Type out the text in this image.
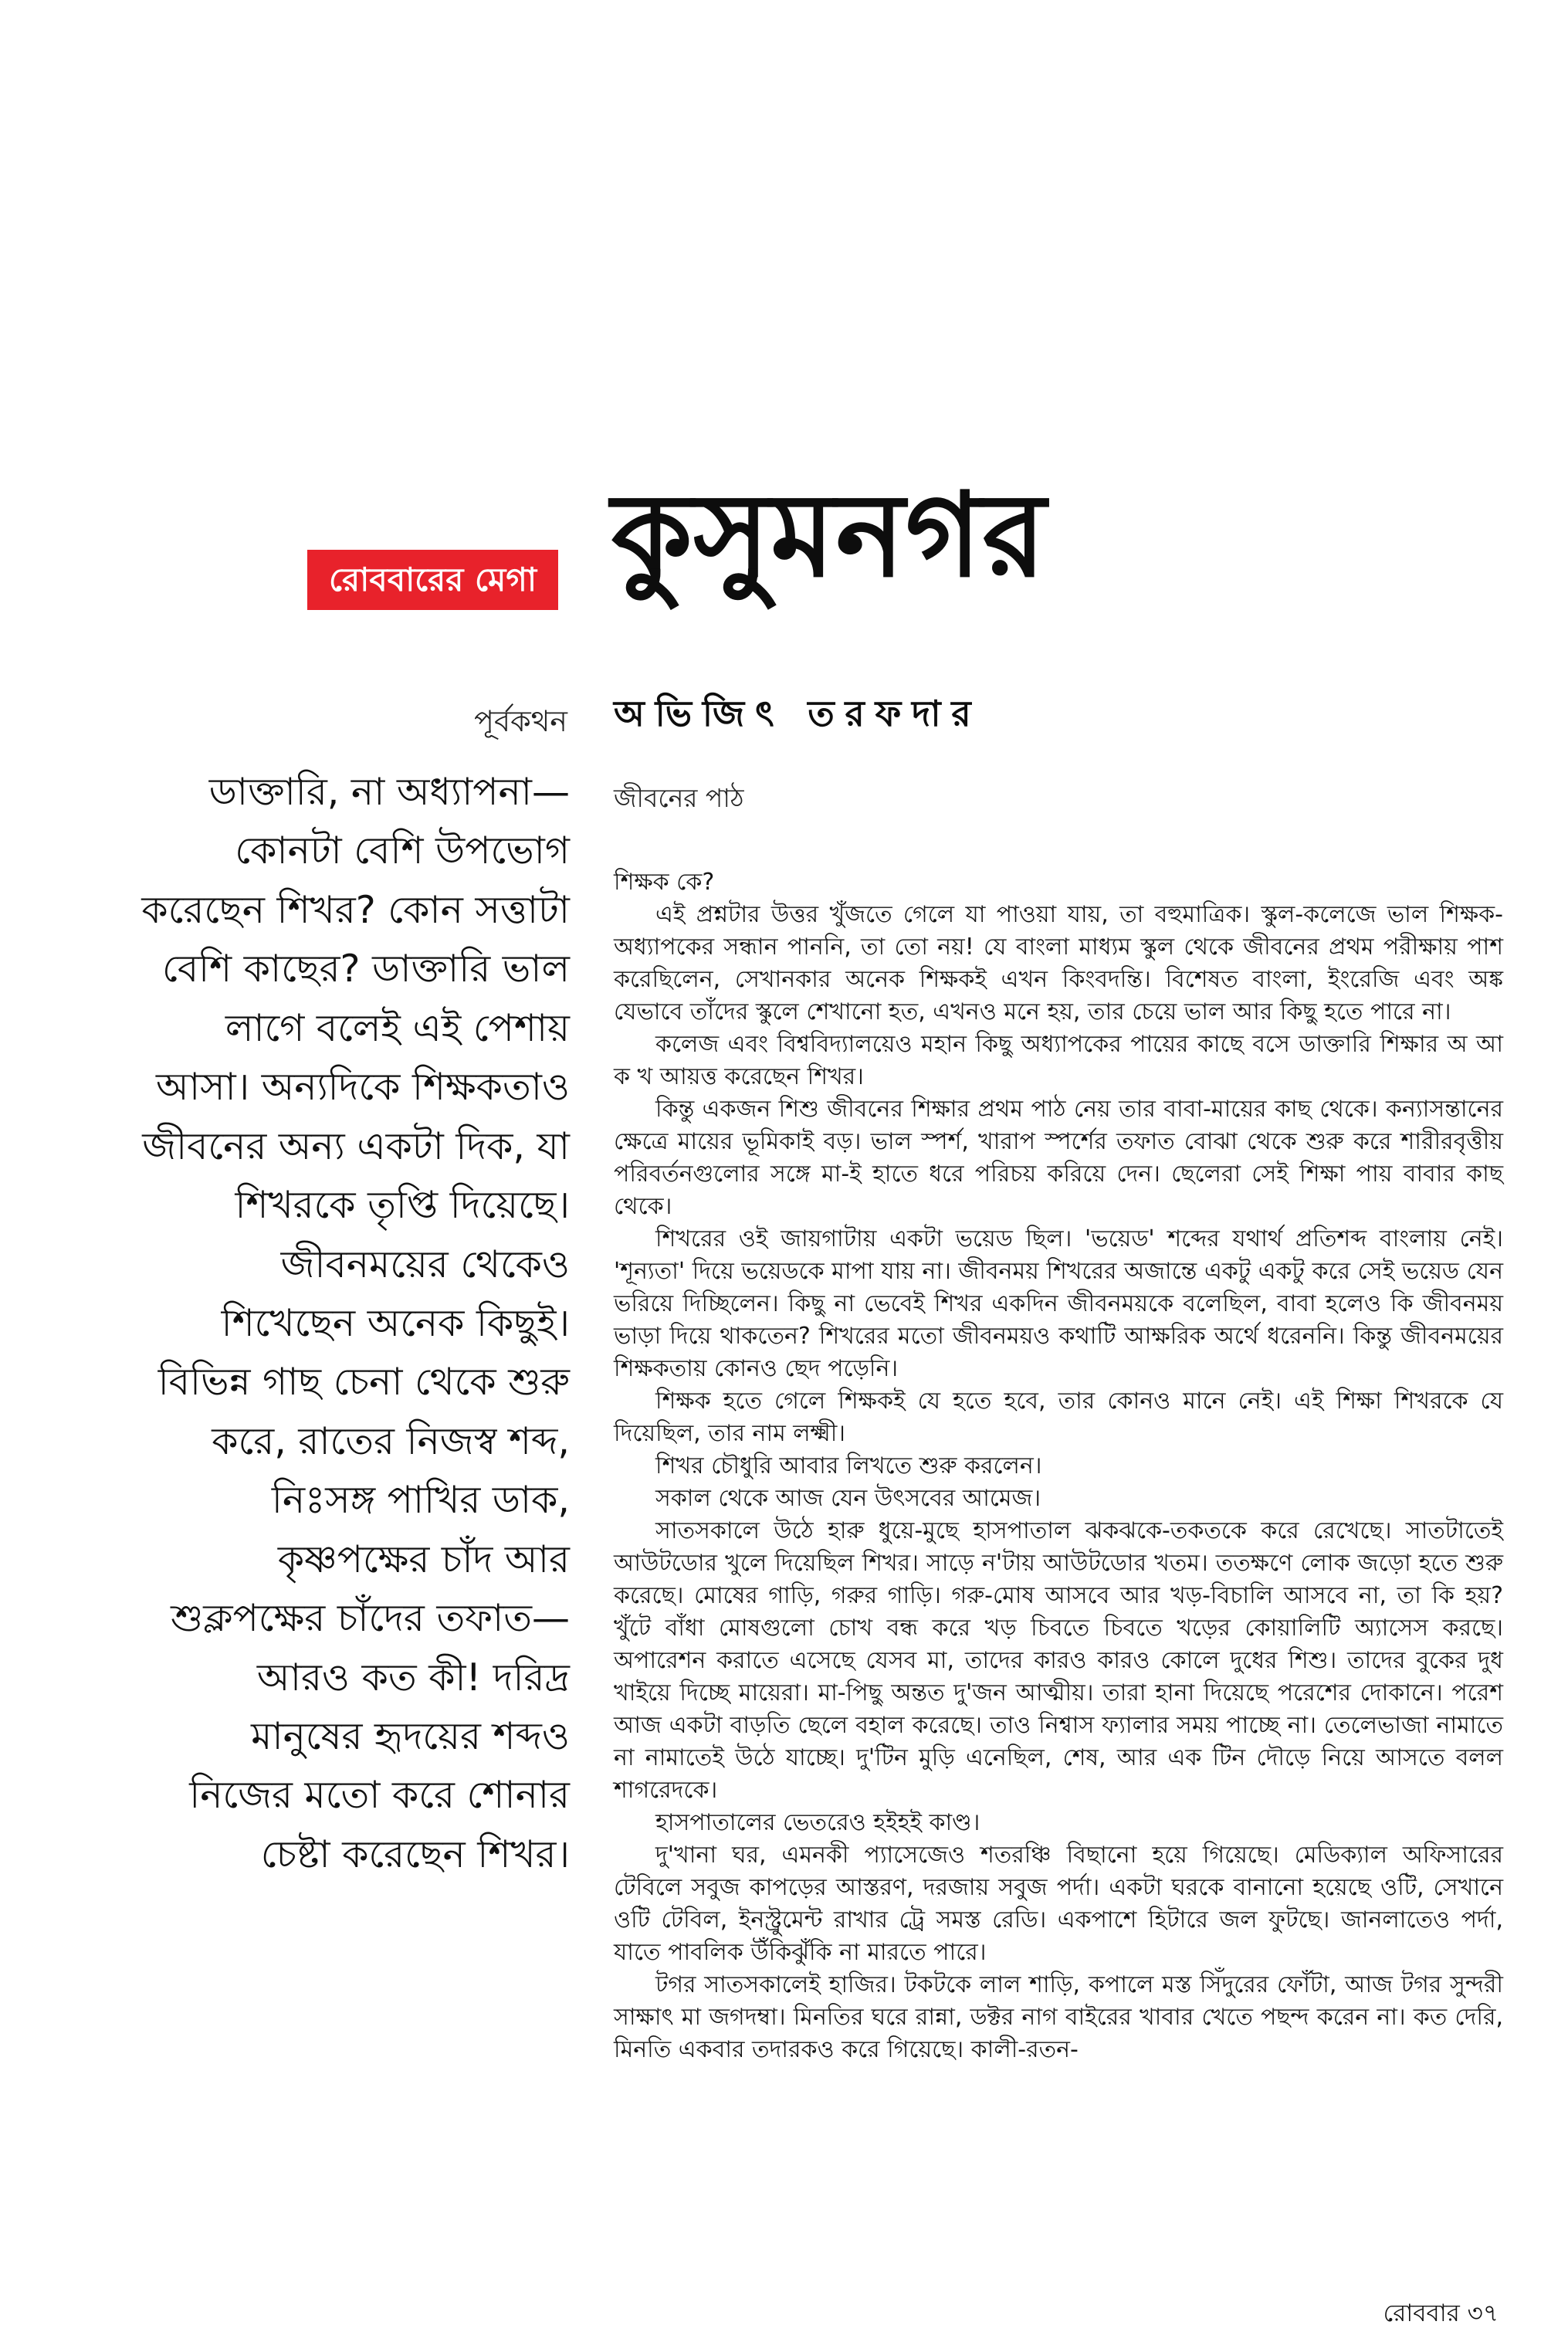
রোববারের মেগা কুসুমনগর
পূর্বকথন অভিজিৎ তরফদার
জীবনের পাঠ
ডাক্তারি, না অধ্যাপনা— কোনটা বেশি উপভোগ করেছেন শিখর? কোন সত্তাটা বেশি কাছের? ডাক্তারি ভাল লাগে বলেই এই পেশায় আসা। অন্যদিকে শিক্ষকতাও জীবনের অন্য একটা দিক, যা শিখরকে তৃপ্তি দিয়েছে। জীবনময়ের থেকেও শিখেছেন অনেক কিছুই। বিভিন্ন গাছ চেনা থেকে শুরু করে, রাতের নিজস্ব শব্দ, নিঃসঙ্গ পাখির ডাক, কৃষ্ণপক্ষের চাঁদ আর শুক্লপক্ষের চাঁদের তফাত— আরও কত কী! দরিদ্র মানুষের হৃদয়ের শব্দও নিজের মতো করে শোনার চেষ্টা করেছেন শিখর।

শিক্ষক কে?

এই প্রশ্নটার উত্তর খুঁজতে গেলে যা পাওয়া যায়, তা বহুমাত্রিক। স্কুল-কলেজে ভাল শিক্ষক-অধ্যাপকের সন্ধান পাননি, তা তো নয়! যে বাংলা মাধ্যম স্কুল থেকে জীবনের প্রথম পরীক্ষায় পাশ করেছিলেন, সেখানকার অনেক শিক্ষকই এখন কিংবদন্তি। বিশেষত বাংলা, ইংরেজি এবং অঙ্ক যেভাবে তাঁদের স্কুলে শেখানো হত, এখনও মনে হয়, তার চেয়ে ভাল আর কিছু হতে পারে না।

কলেজ এবং বিশ্ববিদ্যালয়েও মহান কিছু অধ্যাপকের পায়ের কাছে বসে ডাক্তারি শিক্ষার অ আ ক খ আয়ত্ত করেছেন শিখর।

কিন্তু একজন শিশু জীবনের শিক্ষার প্রথম পাঠ নেয় তার বাবা-মায়ের কাছ থেকে। কন্যাসন্তানের ক্ষেত্রে মায়ের ভূমিকাই বড়। ভাল স্পর্শ, খারাপ স্পর্শের তফাত বোঝা থেকে শুরু করে শারীরবৃত্তীয় পরিবর্তনগুলোর সঙ্গে মা-ই হাতে ধরে পরিচয় করিয়ে দেন। ছেলেরা সেই শিক্ষা পায় বাবার কাছ থেকে।

শিখরের ওই জায়গাটায় একটা ভয়েড ছিল। 'ভয়েড' শব্দের যথার্থ প্রতিশব্দ বাংলায় নেই। 'শূন্যতা' দিয়ে ভয়েডকে মাপা যায় না। জীবনময় শিখরের অজান্তে একটু একটু করে সেই ভয়েড যেন ভরিয়ে দিচ্ছিলেন। কিছু না ভেবেই শিখর একদিন জীবনময়কে বলেছিল, বাবা হলেও কি জীবনময় ভাড়া দিয়ে থাকতেন? শিখরের মতো জীবনময়ও কথাটি আক্ষরিক অর্থে ধরেননি। কিন্তু জীবনময়ের শিক্ষকতায় কোনও ছেদ পড়েনি।

শিক্ষক হতে গেলে শিক্ষকই যে হতে হবে, তার কোনও মানে নেই। এই শিক্ষা শিখরকে যে দিয়েছিল, তার নাম লক্ষ্মী।

শিখর চৌধুরি আবার লিখতে শুরু করলেন।

সকাল থেকে আজ যেন উৎসবের আমেজ।

সাতসকালে উঠে হারু ধুয়ে-মুছে হাসপাতাল ঝকঝকে-তকতকে করে রেখেছে। সাতটাতেই আউটডোর খুলে দিয়েছিল শিখর। সাড়ে ন'টায় আউটডোর খতম। ততক্ষণে লোক জড়ো হতে শুরু করেছে। মোষের গাড়ি, গরুর গাড়ি। গরু-মোষ আসবে আর খড়-বিচালি আসবে না, তা কি হয়? খুঁটে বাঁধা মোষগুলো চোখ বন্ধ করে খড় চিবতে চিবতে খড়ের কোয়ালিটি অ্যাসেস করছে। অপারেশন করাতে এসেছে যেসব মা, তাদের কারও কারও কোলে দুধের শিশু। তাদের বুকের দুধ খাইয়ে দিচ্ছে মায়েরা। মা-পিছু অন্তত দু'জন আত্মীয়। তারা হানা দিয়েছে পরেশের দোকানে। পরেশ আজ একটা বাড়তি ছেলে বহাল করেছে। তাও নিশ্বাস ফ্যালার সময় পাচ্ছে না। তেলেভাজা নামাতে না নামাতেই উঠে যাচ্ছে। দু'টিন মুড়ি এনেছিল, শেষ, আর এক টিন দৌড়ে নিয়ে আসতে বলল শাগরেদকে।

হাসপাতালের ভেতরেও হইহই কাণ্ড।

দু'খানা ঘর, এমনকী প্যাসেজেও শতরঞ্চি বিছানো হয়ে গিয়েছে। মেডিক্যাল অফিসারের টেবিলে সবুজ কাপড়ের আস্তরণ, দরজায় সবুজ পর্দা। একটা ঘরকে বানানো হয়েছে ওটি, সেখানে ওটি টেবিল, ইনস্ট্রুমেন্ট রাখার ট্রে সমস্ত রেডি। একপাশে হিটারে জল ফুটছে। জানলাতেও পর্দা, যাতে পাবলিক উঁকিঝুঁকি না মারতে পারে।

টগর সাতসকালেই হাজির। টকটকে লাল শাড়ি, কপালে মস্ত সিঁদুরের ফোঁটা, আজ টগর সুন্দরী সাক্ষাৎ মা জগদম্বা। মিনতির ঘরে রান্না, ডক্টর নাগ বাইরের খাবার খেতে পছন্দ করেন না। কত দেরি, মিনতি একবার তদারকও করে গিয়েছে। কালী-রতন-

রোববার ৩৭
